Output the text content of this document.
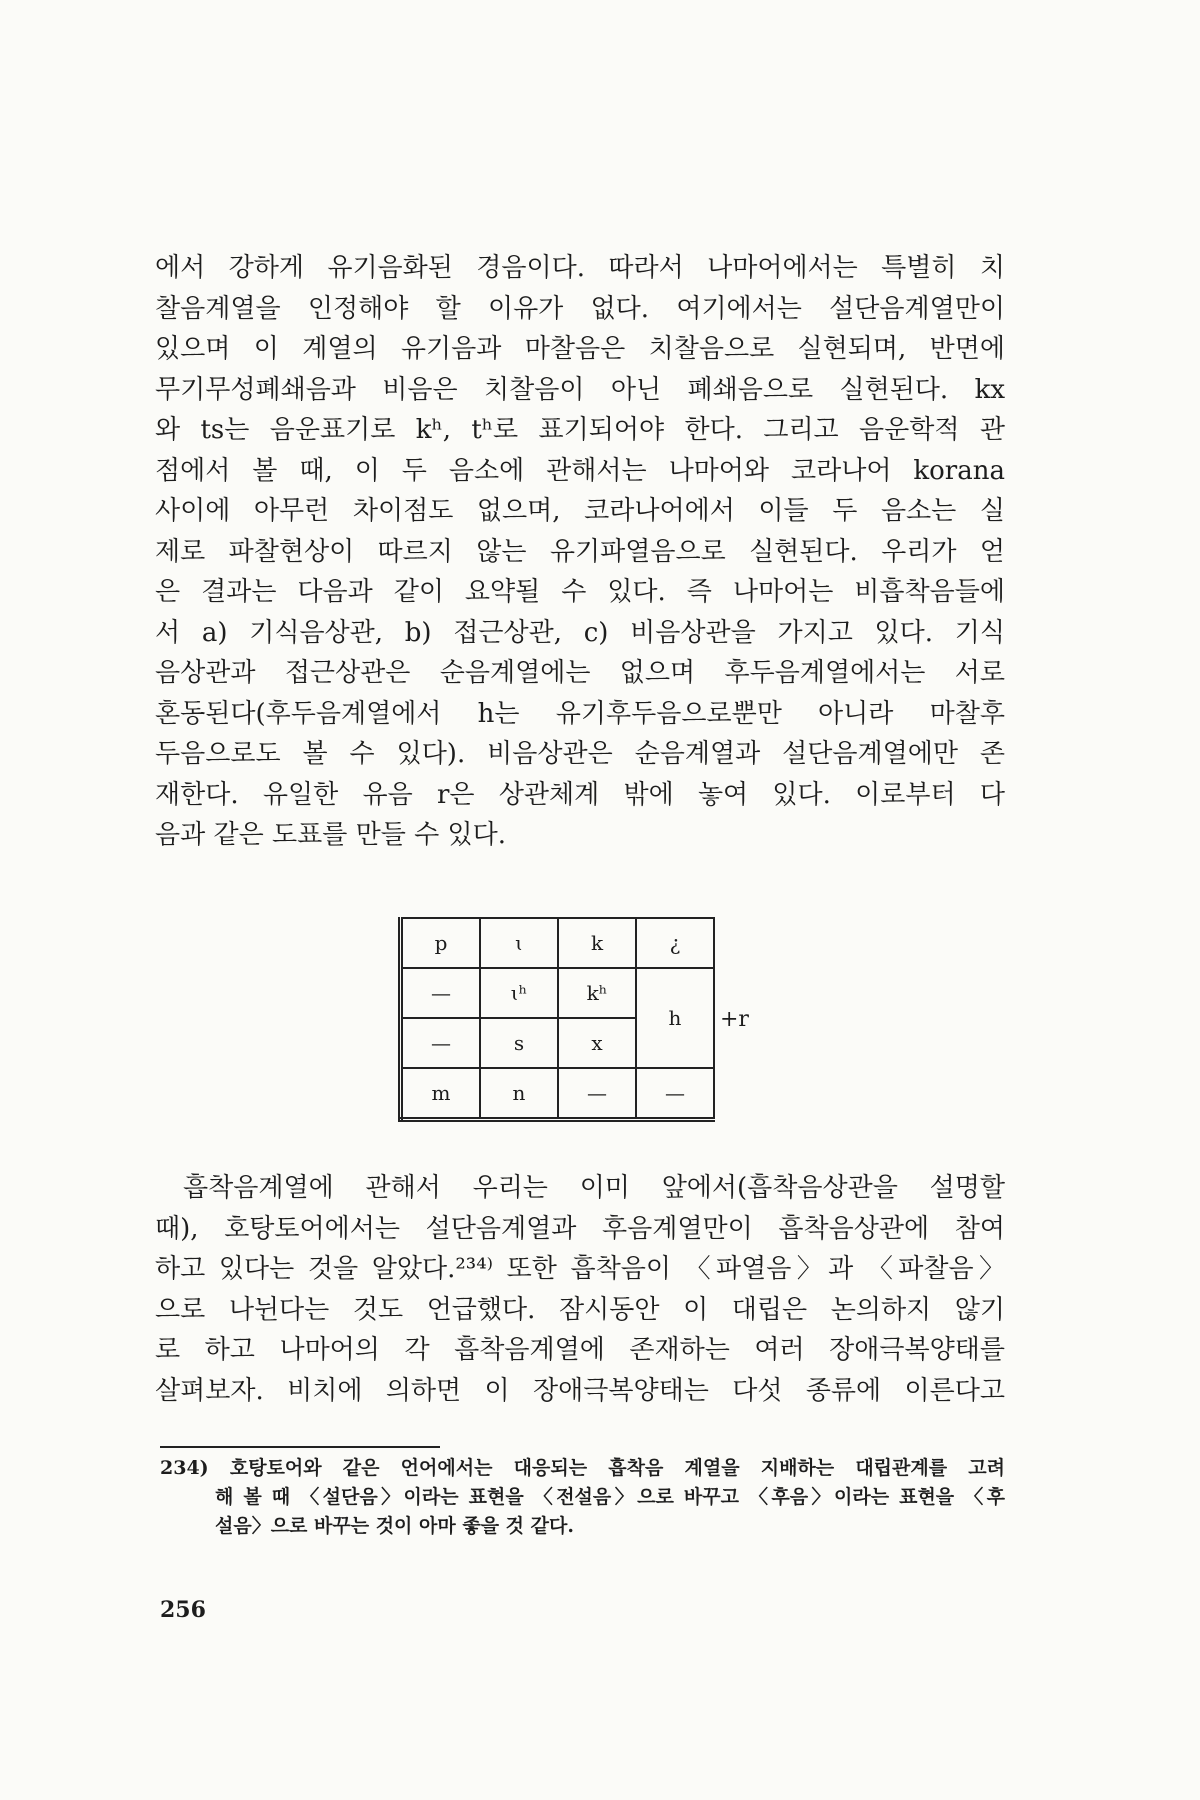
에서 강하게 유기음화된 경음이다. 따라서 나마어에서는 특별히 치
찰음계열을 인정해야 할 이유가 없다. 여기에서는 설단음계열만이
있으며 이 계열의 유기음과 마찰음은 치찰음으로 실현되며, 반면에
무기무성폐쇄음과 비음은 치찰음이 아닌 폐쇄음으로 실현된다. kx
와 ts는 음운표기로 kʰ, tʰ로 표기되어야 한다. 그리고 음운학적 관
점에서 볼 때, 이 두 음소에 관해서는 나마어와 코라나어 korana
사이에 아무런 차이점도 없으며, 코라나어에서 이들 두 음소는 실
제로 파찰현상이 따르지 않는 유기파열음으로 실현된다. 우리가 얻
은 결과는 다음과 같이 요약될 수 있다. 즉 나마어는 비흡착음들에
서 a) 기식음상관, b) 접근상관, c) 비음상관을 가지고 있다. 기식
음상관과 접근상관은 순음계열에는 없으며 후두음계열에서는 서로
혼동된다(후두음계열에서 h는 유기후두음으로뿐만 아니라 마찰후
두음으로도 볼 수 있다). 비음상관은 순음계열과 설단음계열에만 존
재한다. 유일한 유음 r은 상관체계 밖에 놓여 있다. 이로부터 다
음과 같은 도표를 만들 수 있다.
p	ɩ	k	¿
—	ɩʰ	kʰ	h
—	s	x	
m	n	—	—
+r
흡착음계열에 관해서 우리는 이미 앞에서(흡착음상관을 설명할
때), 호탕토어에서는 설단음계열과 후음계열만이 흡착음상관에 참여
하고 있다는 것을 알았다.²³⁴⁾ 또한 흡착음이 〈파열음〉과 〈파찰음〉
으로 나뉜다는 것도 언급했다. 잠시동안 이 대립은 논의하지 않기
로 하고 나마어의 각 흡착음계열에 존재하는 여러 장애극복양태를
살펴보자. 비치에 의하면 이 장애극복양태는 다섯 종류에 이른다고
234) 호탕토어와 같은 언어에서는 대응되는 흡착음 계열을 지배하는 대립관계를 고려
해 볼 때 〈설단음〉이라는 표현을 〈전설음〉으로 바꾸고 〈후음〉이라는 표현을 〈후
설음〉으로 바꾸는 것이 아마 좋을 것 같다.
256
